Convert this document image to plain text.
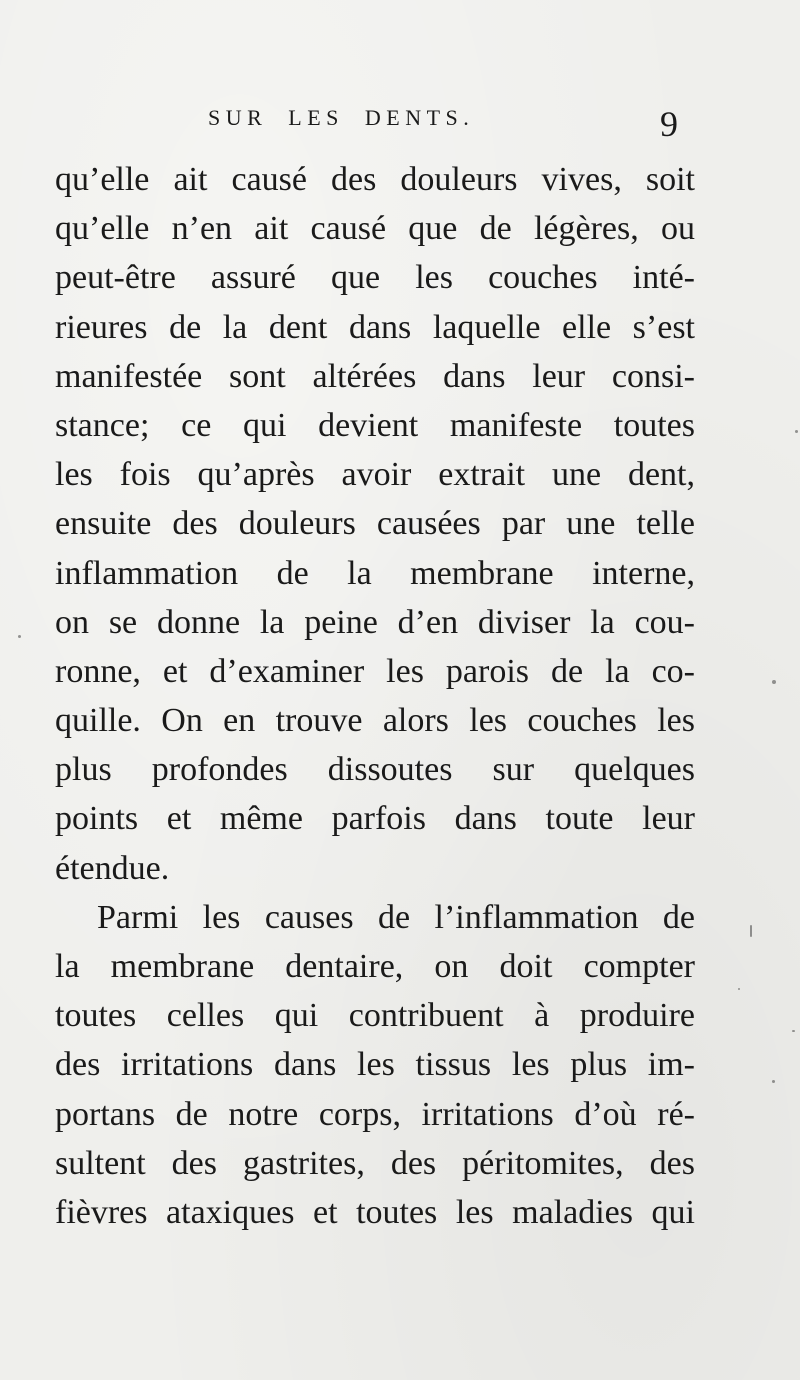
SUR LES DENTS.	9
qu’elle ait causé des douleurs vives, soit
qu’elle n’en ait causé que de légères, ou
peut-être assuré que les couches inté-
rieures de la dent dans laquelle elle s’est
manifestée sont altérées dans leur consi-
stance; ce qui devient manifeste toutes
les fois qu’après avoir extrait une dent,
ensuite des douleurs causées par une telle
inflammation de la membrane interne,
on se donne la peine d’en diviser la cou-
ronne, et d’examiner les parois de la co-
quille. On en trouve alors les couches les
plus profondes dissoutes sur quelques
points et même parfois dans toute leur
étendue.
Parmi les causes de l’inflammation de
la membrane dentaire, on doit compter
toutes celles qui contribuent à produire
des irritations dans les tissus les plus im-
portans de notre corps, irritations d’où ré-
sultent des gastrites, des péritomites, des
fièvres ataxiques et toutes les maladies qui
